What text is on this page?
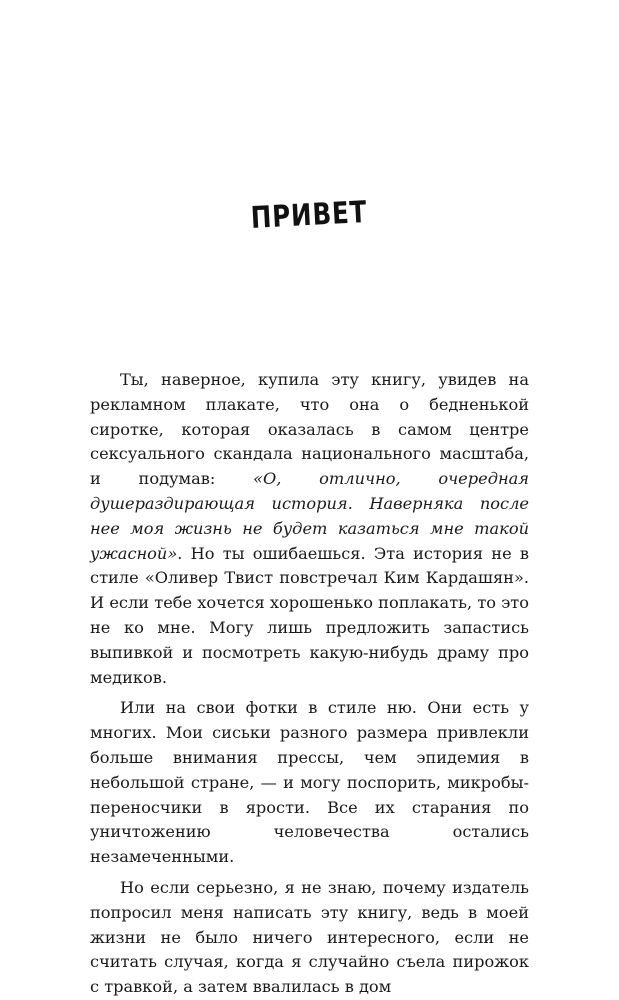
ПРИВЕТ

Ты, наверное, купила эту книгу, увидев на рекламном плакате, что она о бедненькой сиротке, которая оказалась в самом центре сексуального скандала национального масштаба, и подумав: «О, отлично, очередная душераздирающая история. Наверняка после нее моя жизнь не будет казаться мне такой ужасной». Но ты ошибаешься. Эта история не в стиле «Оливер Твист повстречал Ким Кардашян». И если тебе хочется хорошенько поплакать, то это не ко мне. Могу лишь предложить запастись выпивкой и посмотреть какую-нибудь драму про медиков.

Или на свои фотки в стиле ню. Они есть у многих. Мои сиськи разного размера привлекли больше внимания прессы, чем эпидемия в небольшой стране, — и могу поспорить, микробы-переносчики в ярости. Все их старания по уничтожению человечества остались незамеченными.

Но если серьезно, я не знаю, почему издатель попросил меня написать эту книгу, ведь в моей жизни не было ничего интересного, если не считать случая, когда я случайно съела пирожок с травкой, а затем ввалилась в дом
